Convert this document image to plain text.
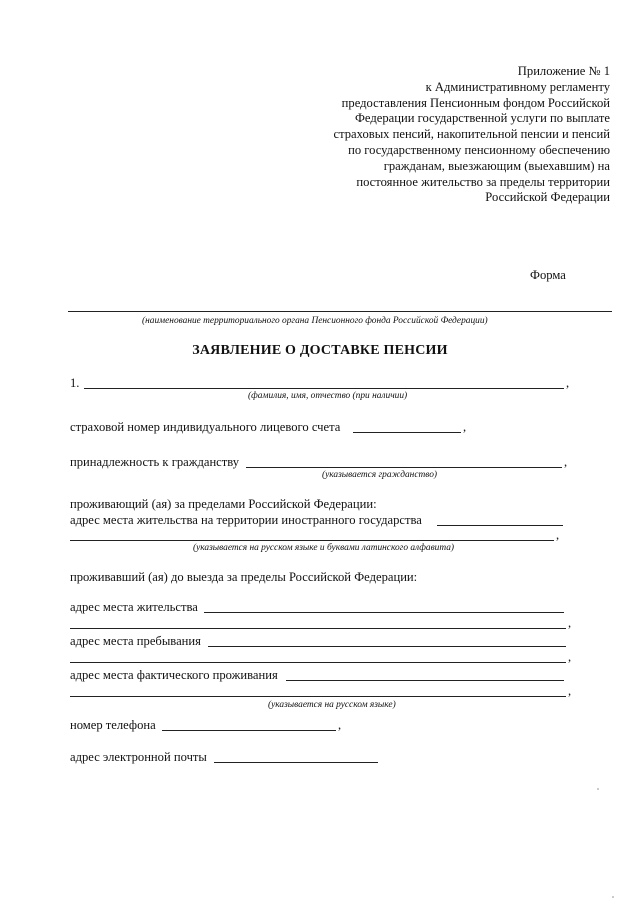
Приложение № 1
к Административному регламенту
предоставления Пенсионным фондом Российской
Федерации государственной услуги по выплате
страховых пенсий, накопительной пенсии и пенсий
по государственному пенсионному обеспечению
гражданам, выезжающим (выехавшим) на
постоянное жительство за пределы территории
Российской Федерации
Форма
(наименование территориального органа Пенсионного фонда Российской Федерации)
ЗАЯВЛЕНИЕ О ДОСТАВКЕ ПЕНСИИ
1.	,
(фамилия, имя, отчество (при наличии)
страховой номер индивидуального лицевого счета	,
принадлежность к гражданству	,
(указывается гражданство)
проживающий (ая) за пределами Российской Федерации:
адрес места жительства на территории иностранного государства
,
(указывается на русском языке и буквами латинского алфавита)
проживавший (ая) до выезда за пределы Российской Федерации:
адрес места жительства
,
адрес места пребывания
,
адрес места фактического проживания
,
(указывается на русском языке)
номер телефона	,
адрес электронной почты
